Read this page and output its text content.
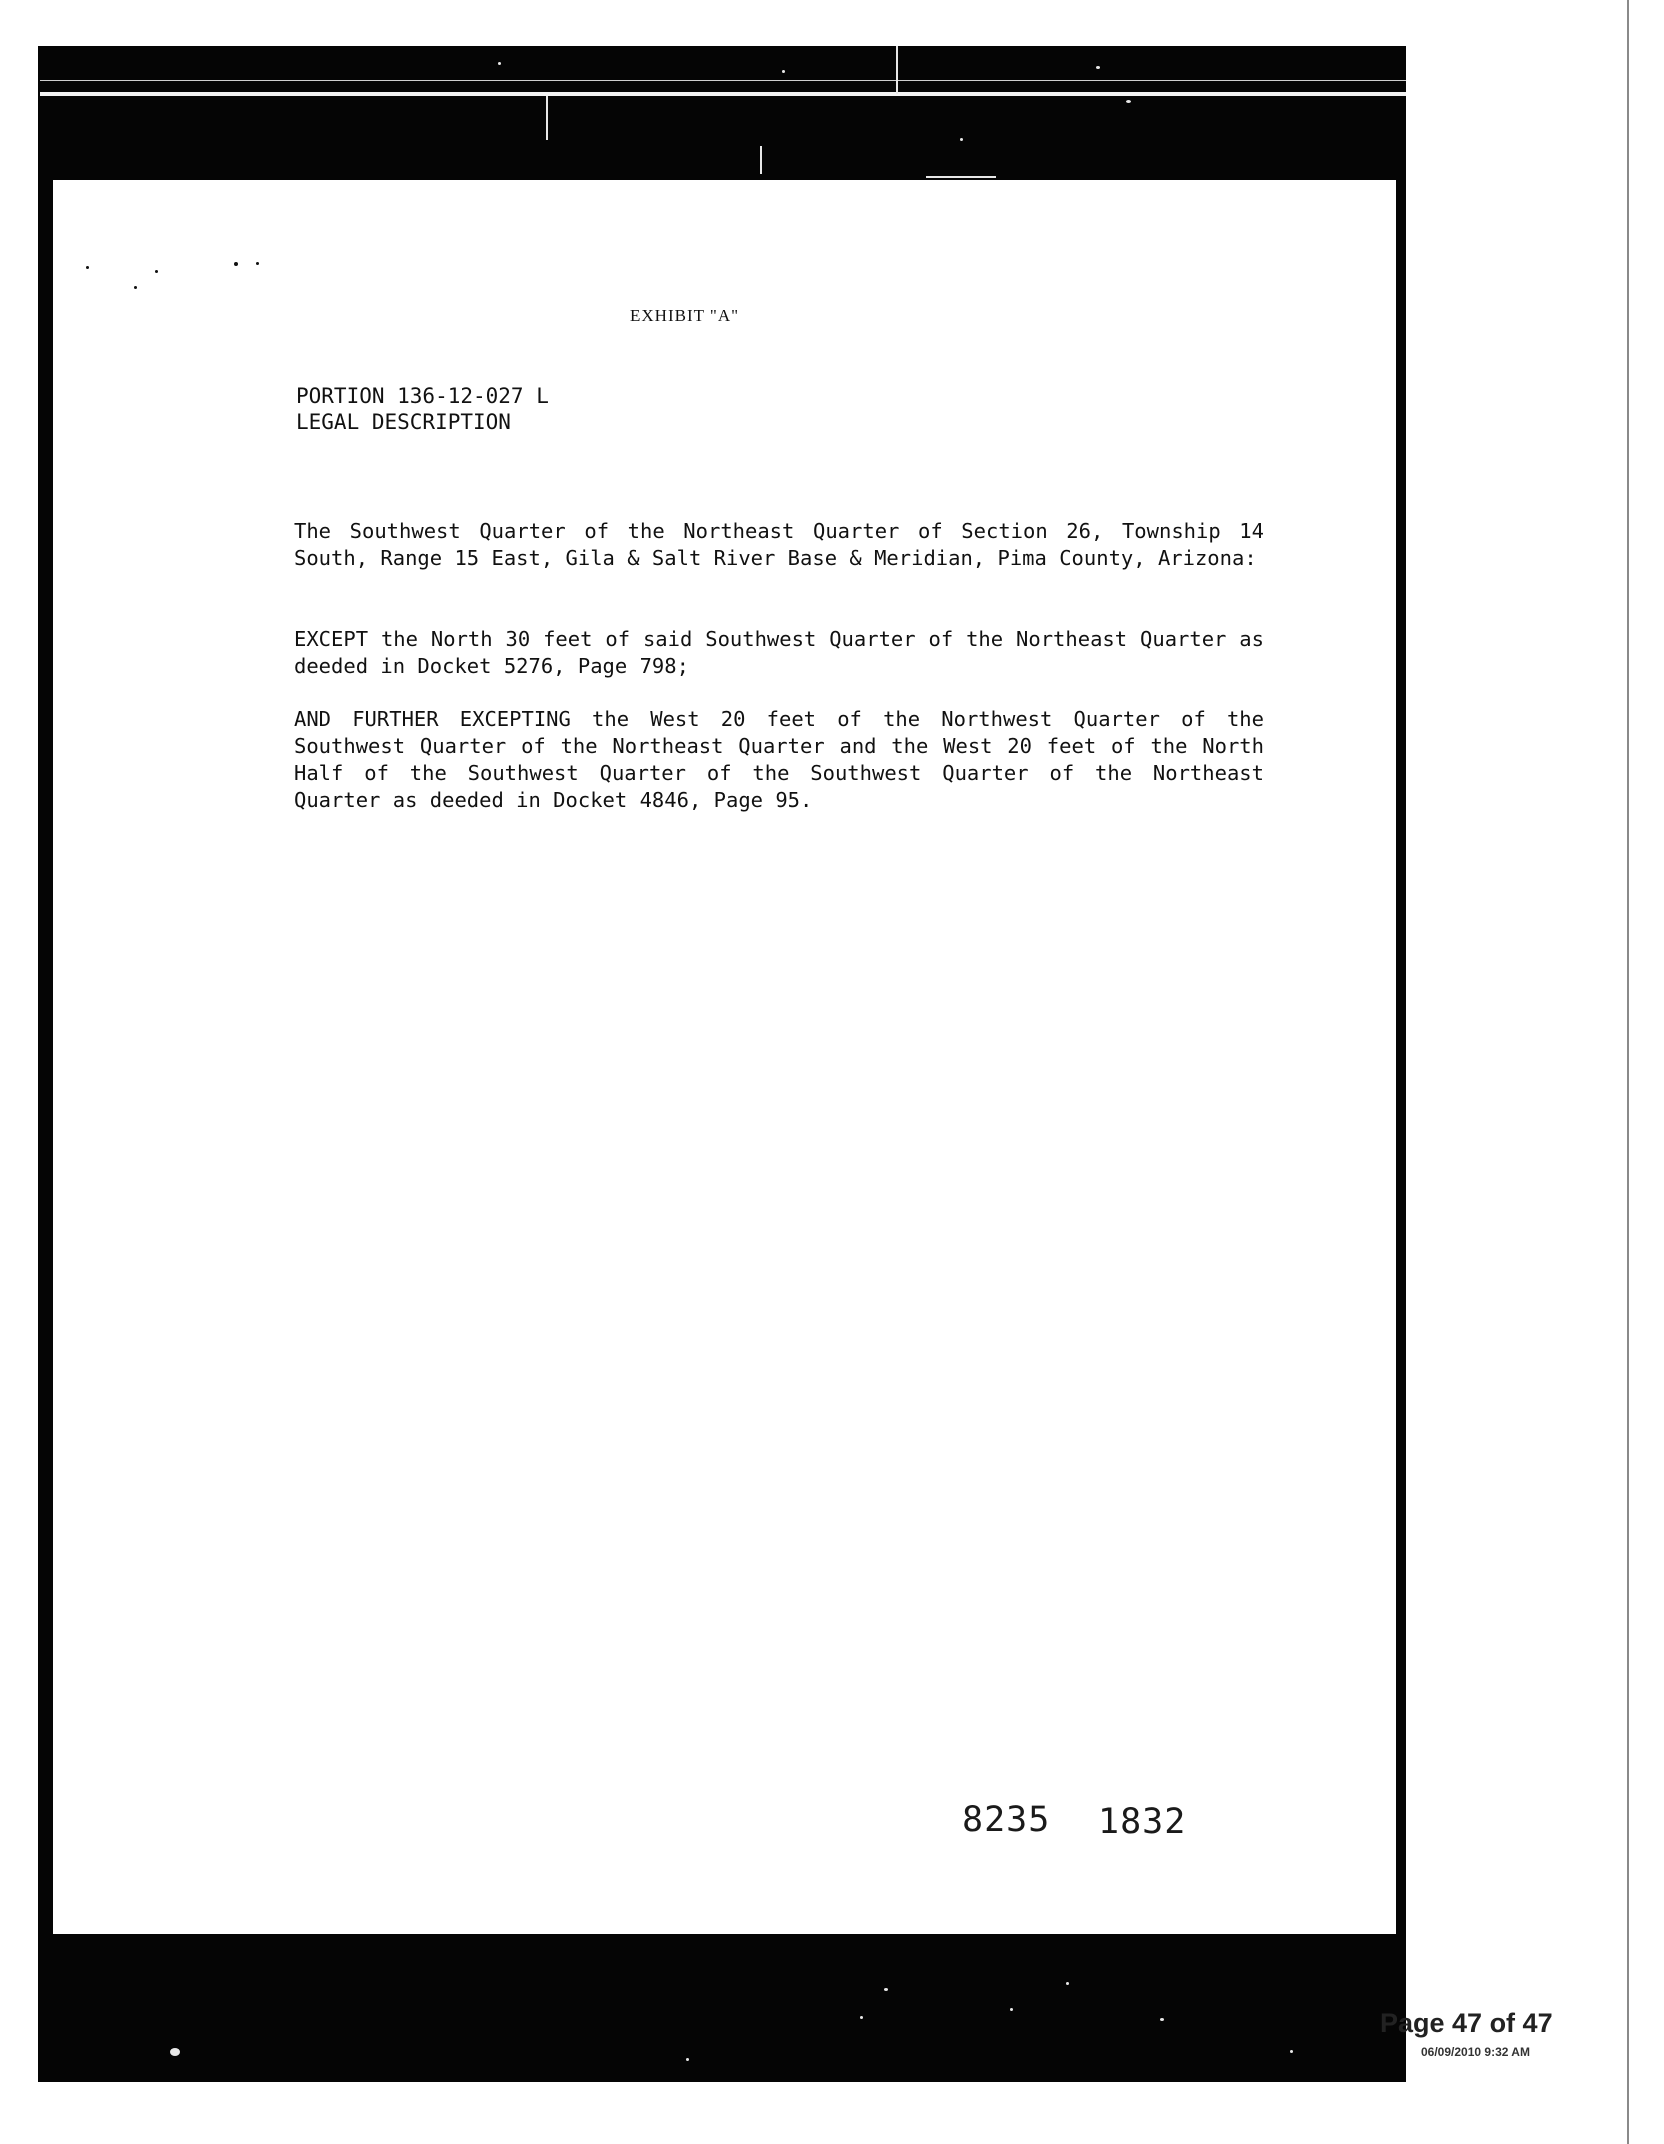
EXHIBIT "A"
PORTION 136-12-027 L
LEGAL DESCRIPTION
The Southwest Quarter of the Northeast Quarter of Section 26, Township 14 South, Range 15 East, Gila & Salt River Base & Meridian, Pima County, Arizona:
EXCEPT the North 30 feet of said Southwest Quarter of the Northeast Quarter as deeded in Docket 5276, Page 798;
AND FURTHER EXCEPTING the West 20 feet of the Northwest Quarter of the Southwest Quarter of the Northeast Quarter and the West 20 feet of the North Half of the Southwest Quarter of the Southwest Quarter of the Northeast Quarter as deeded in Docket 4846, Page 95.
8235 1832
Page 47 of 47
06/09/2010 9:32 AM
